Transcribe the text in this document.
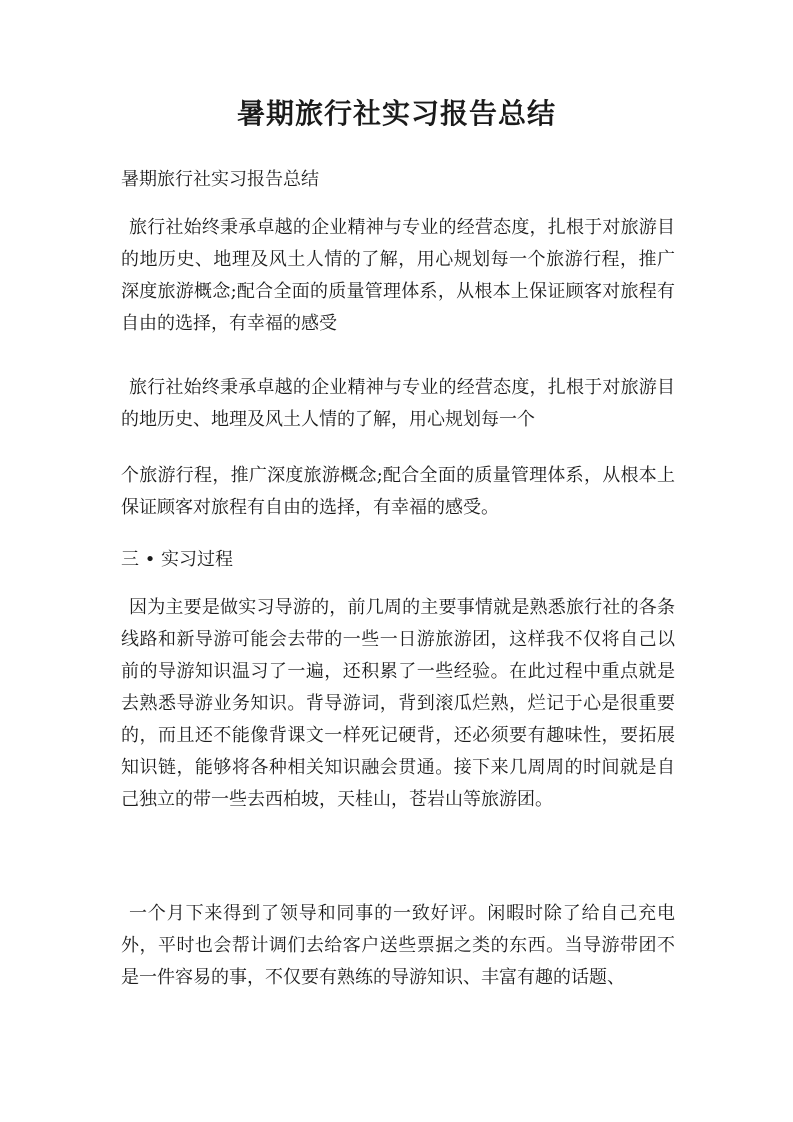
暑期旅行社实习报告总结

暑期旅行社实习报告总结

旅行社始终秉承卓越的企业精神与专业的经营态度，扎根于对旅游目的地历史、地理及风土人情的了解，用心规划每一个旅游行程，推广深度旅游概念;配合全面的质量管理体系，从根本上保证顾客对旅程有自由的选择，有幸福的感受

旅行社始终秉承卓越的企业精神与专业的经营态度，扎根于对旅游目的地历史、地理及风土人情的了解，用心规划每一个

个旅游行程，推广深度旅游概念;配合全面的质量管理体系，从根本上保证顾客对旅程有自由的选择，有幸福的感受。

三 • 实习过程

因为主要是做实习导游的，前几周的主要事情就是熟悉旅行社的各条线路和新导游可能会去带的一些一日游旅游团，这样我不仅将自己以前的导游知识温习了一遍，还积累了一些经验。在此过程中重点就是去熟悉导游业务知识。背导游词，背到滚瓜烂熟，烂记于心是很重要的，而且还不能像背课文一样死记硬背，还必须要有趣味性，要拓展知识链，能够将各种相关知识融会贯通。接下来几周周的时间就是自己独立的带一些去西柏坡，天桂山，苍岩山等旅游团。

一个月下来得到了领导和同事的一致好评。闲暇时除了给自己充电外，平时也会帮计调们去给客户送些票据之类的东西。当导游带团不是一件容易的事，不仅要有熟练的导游知识、丰富有趣的话题、
